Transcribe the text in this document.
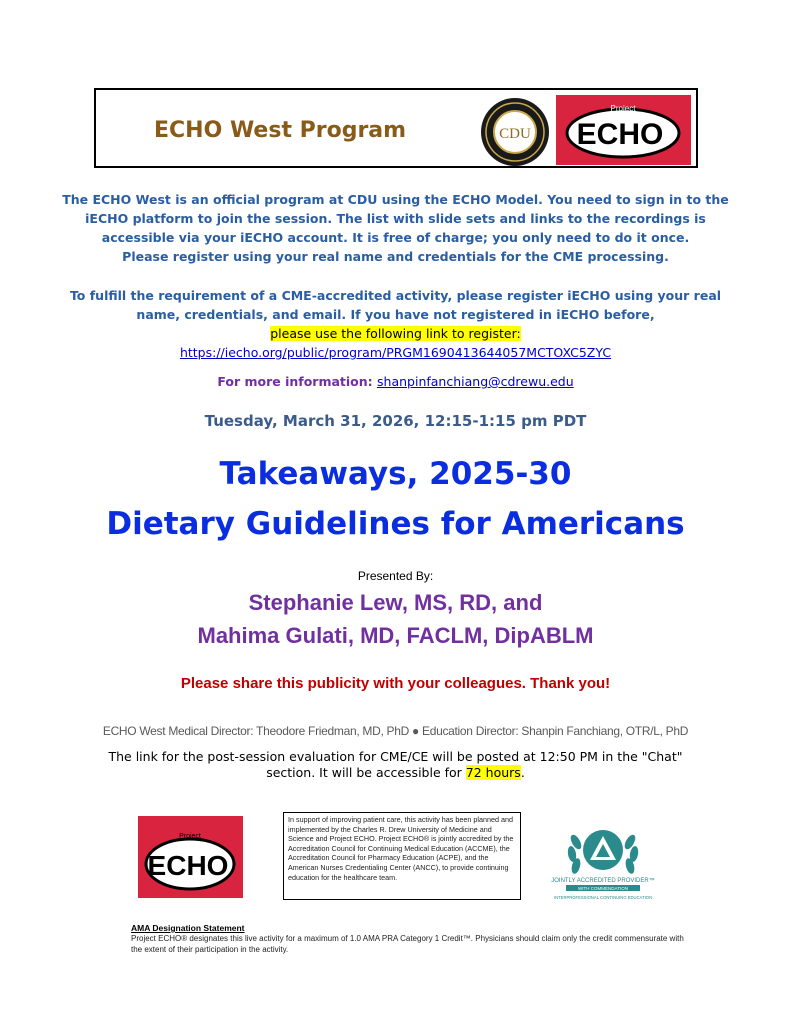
ECHO West Program	CDU
Project
ECHO
The ECHO West is an official program at CDU using the ECHO Model. You need to sign in to the
iECHO platform to join the session. The list with slide sets and links to the recordings is
accessible via your iECHO account. It is free of charge; you only need to do it once.
Please register using your real name and credentials for the CME processing.
To fulfill the requirement of a CME-accredited activity, please register iECHO using your real
name, credentials, and email. If you have not registered in iECHO before,
please use the following link to register:
https://iecho.org/public/program/PRGM1690413644057MCTOXC5ZYC
For more information: shanpinfanchiang@cdrewu.edu
Tuesday, March 31, 2026, 12:15-1:15 pm PDT
Takeaways, 2025-30
Dietary Guidelines for Americans
Presented By:
Stephanie Lew, MS, RD, and
Mahima Gulati, MD, FACLM, DipABLM
Please share this publicity with your colleagues. Thank you!
ECHO West Medical Director: Theodore Friedman, MD, PhD ● Education Director: Shanpin Fanchiang, OTR/L, PhD
The link for the post-session evaluation for CME/CE will be posted at 12:50 PM in the "Chat"
section. It will be accessible for 72 hours.
Project
ECHO
In support of improving patient care, this activity has been planned and implemented by the Charles R. Drew University of Medicine and Science and Project ECHO. Project ECHO® is jointly accredited by the Accreditation Council for Continuing Medical Education (ACCME), the Accreditation Council for Pharmacy Education (ACPE), and the American Nurses Credentialing Center (ANCC), to provide continuing education for the healthcare team.	JOINTLY ACCREDITED PROVIDER™
WITH COMMENDATION
INTERPROFESSIONAL CONTINUING EDUCATION
AMA Designation Statement
Project ECHO® designates this live activity for a maximum of 1.0 AMA PRA Category 1 Credit™. Physicians should claim only the credit commensurate with the extent of their participation in the activity.
